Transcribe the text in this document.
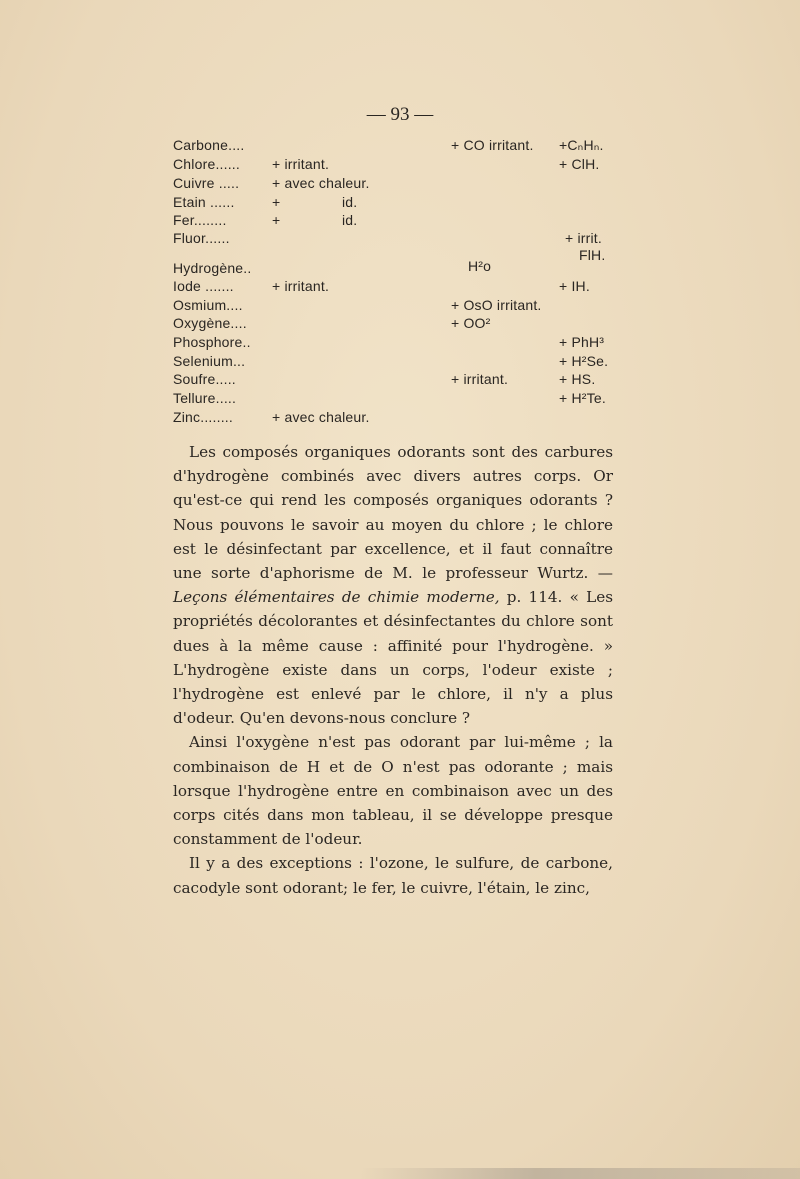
— 93 —
Carbone....
Chlore......
Cuivre .....
Etain ......
Fer........
Fluor......
Hydrogène..
Iode .......
Osmium....
Oxygène....
Phosphore..
Selenium...
Soufre.....
Tellure.....
Zinc........
+ irritant.
+ avec chaleur.
+	id.
+	id.
+ irritant.
+ avec chaleur.
+ CO irritant.
H²o
+ OsO irritant.
+ OO²
+ irritant.
+CₙHₙ.
+ ClH.
+ irrit.
FlH.
+ IH.
+ PhH³
+ H²Se.
+ HS.
+ H²Te.

Les composés organiques odorants sont des carbures d'hydrogène combinés avec divers autres corps. Or qu'est-ce qui rend les composés organiques odorants ? Nous pouvons le savoir au moyen du chlore ; le chlore est le désinfectant par excellence, et il faut connaître une sorte d'aphorisme de M. le professeur Wurtz. — Leçons élémentaires de chimie moderne, p. 114. « Les propriétés décolorantes et désinfectantes du chlore sont dues à la même cause : affinité pour l'hydrogène. » L'hydrogène existe dans un corps, l'odeur existe ; l'hydrogène est enlevé par le chlore, il n'y a plus d'odeur. Qu'en devons-nous conclure ?

Ainsi l'oxygène n'est pas odorant par lui-même ; la combinaison de H et de O n'est pas odorante ; mais lorsque l'hydrogène entre en combinaison avec un des corps cités dans mon tableau, il se développe presque constamment de l'odeur.

Il y a des exceptions : l'ozone, le sulfure, de carbone, cacodyle sont odorant; le fer, le cuivre, l'étain, le zinc,
